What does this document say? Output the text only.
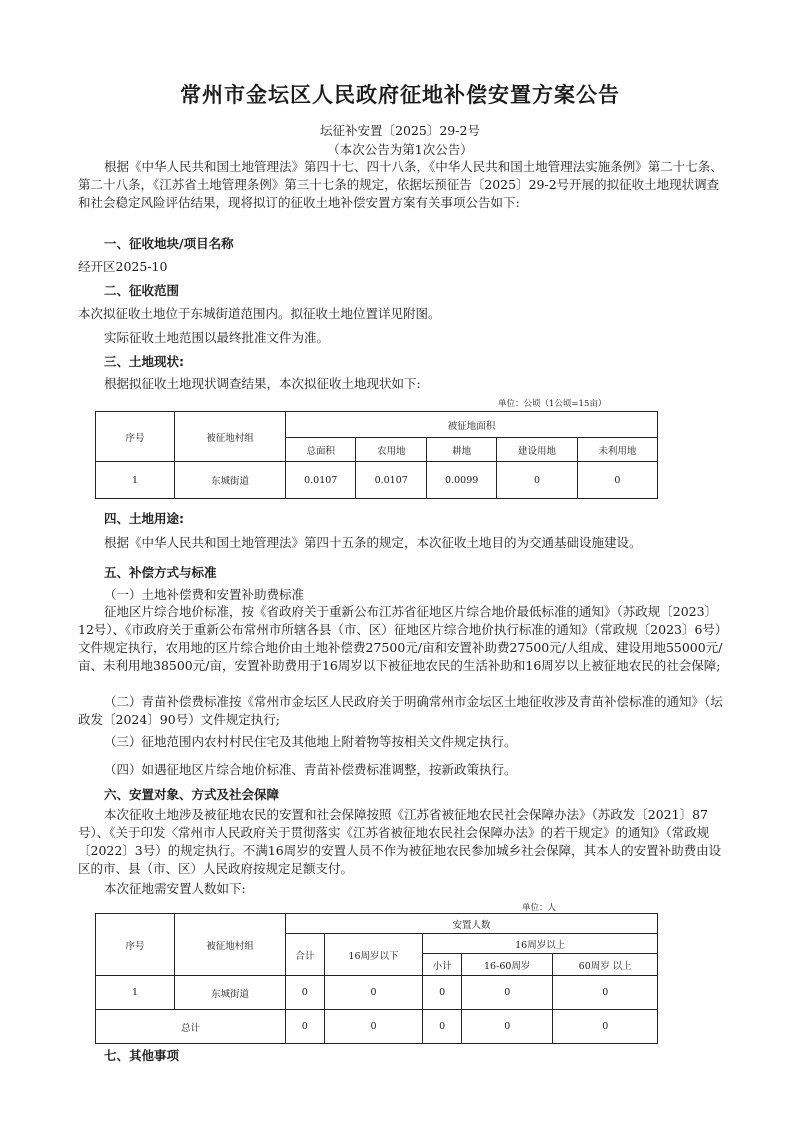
常州市金坛区人民政府征地补偿安置方案公告
坛征补安置〔2025〕29-2号
（本次公告为第1次公告）
根据《中华人民共和国土地管理法》第四十七、四十八条，《中华人民共和国土地管理法实施条例》第二十七条、第二十八条，《江苏省土地管理条例》第三十七条的规定，依据坛预征告〔2025〕29-2号开展的拟征收土地现状调查和社会稳定风险评估结果，现将拟订的征收土地补偿安置方案有关事项公告如下:
一、征收地块/项目名称
经开区2025-10
二、征收范围
本次拟征收土地位于东城街道范围内。拟征收土地位置详见附图。
实际征收土地范围以最终批准文件为准。
三、土地现状:
根据拟征收土地现状调查结果，本次拟征收土地现状如下:
单位：公顷（1公顷=15亩）
序号	被征地村组	被征地面积				
		总面积	农用地	耕地	建设用地	未利用地
1	东城街道	0.0107	0.0107	0.0099	0	0
四、土地用途:
根据《中华人民共和国土地管理法》第四十五条的规定，本次征收土地目的为交通基础设施建设。
五、补偿方式与标准
（一）土地补偿费和安置补助费标准
征地区片综合地价标准，按《省政府关于重新公布江苏省征地区片综合地价最低标准的通知》（苏政规〔2023〕12号）、《市政府关于重新公布常州市所辖各县（市、区）征地区片综合地价执行标准的通知》（常政规〔2023〕6号）文件规定执行，农用地的区片综合地价由土地补偿费27500元/亩和安置补助费27500元/人组成、建设用地55000元/亩、未利用地38500元/亩，安置补助费用于16周岁以下被征地农民的生活补助和16周岁以上被征地农民的社会保障;
（二）青苗补偿费标准按《常州市金坛区人民政府关于明确常州市金坛区土地征收涉及青苗补偿标准的通知》（坛政发〔2024〕90号）文件规定执行;
（三）征地范围内农村村民住宅及其他地上附着物等按相关文件规定执行。
（四）如遇征地区片综合地价标准、青苗补偿费标准调整，按新政策执行。
六、安置对象、方式及社会保障
本次征收土地涉及被征地农民的安置和社会保障按照《江苏省被征地农民社会保障办法》（苏政发〔2021〕87号）、《关于印发〈常州市人民政府关于贯彻落实《江苏省被征地农民社会保障办法》的若干规定》的通知》（常政规〔2022〕3号）的规定执行。不满16周岁的安置人员不作为被征地农民参加城乡社会保障，其本人的安置补助费由设区的市、县（市、区）人民政府按规定足额支付。
本次征地需安置人数如下:
单位：人
序号	被征地村组	安置人数				
		合计	16周岁以下	16周岁以上		
				小计	16-60周岁	60周岁 以上
1	东城街道	0	0	0	0	0
总计		0	0	0	0	0
七、其他事项
